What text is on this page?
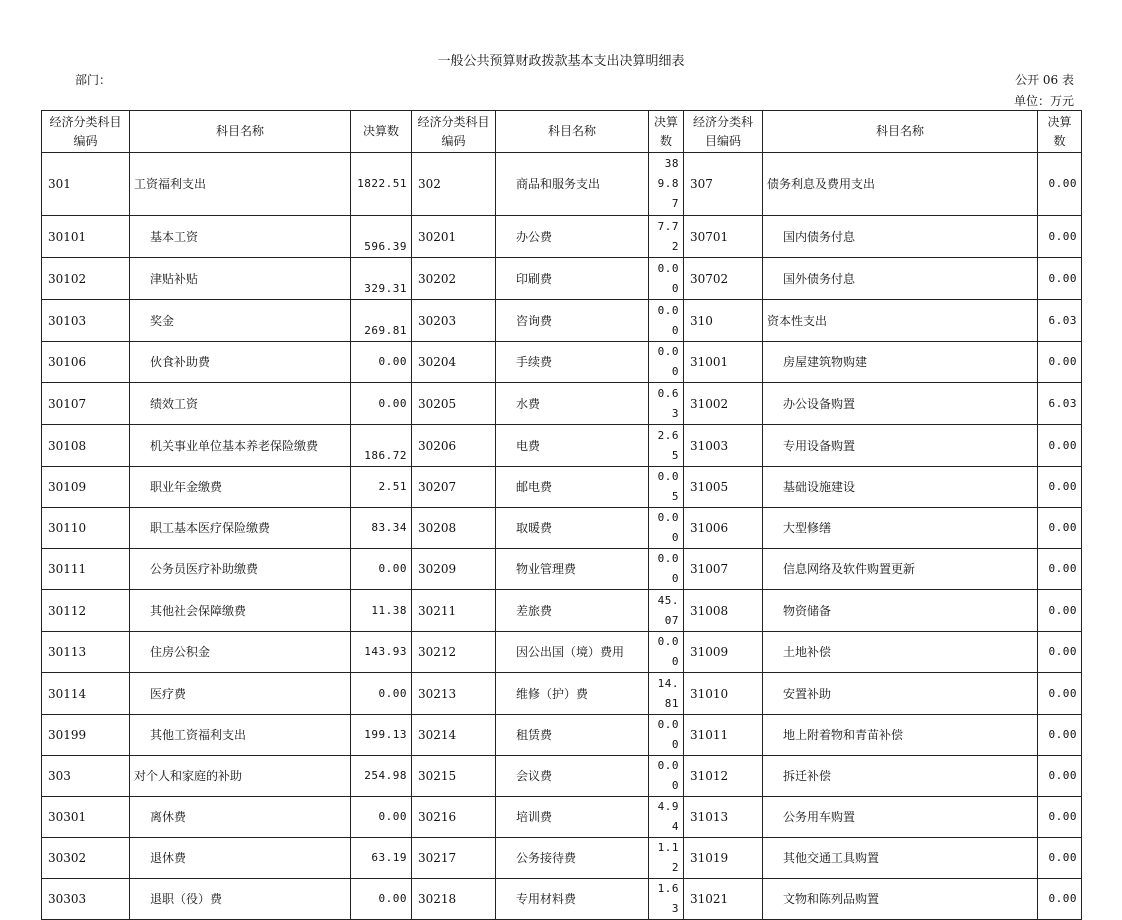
一般公共预算财政拨款基本支出决算明细表
部门：	公开 06 表
单位：万元
经济分类科目编码	科目名称	决算数	经济分类科目编码	科目名称	决算数	经济分类科目编码	科目名称	决算数
301	工资福利支出	1822.51	302	商品和服务支出	389.87	307	债务利息及费用支出	0.00
30101	基本工资	596.39	30201	办公费	7.72	30701	国内债务付息	0.00
30102	津贴补贴	329.31	30202	印刷费	0.00	30702	国外债务付息	0.00
30103	奖金	269.81	30203	咨询费	0.00	310	资本性支出	6.03
30106	伙食补助费	0.00	30204	手续费	0.00	31001	房屋建筑物购建	0.00
30107	绩效工资	0.00	30205	水费	0.63	31002	办公设备购置	6.03
30108	机关事业单位基本养老保险缴费	186.72	30206	电费	2.65	31003	专用设备购置	0.00
30109	职业年金缴费	2.51	30207	邮电费	0.05	31005	基础设施建设	0.00
30110	职工基本医疗保险缴费	83.34	30208	取暖费	0.00	31006	大型修缮	0.00
30111	公务员医疗补助缴费	0.00	30209	物业管理费	0.00	31007	信息网络及软件购置更新	0.00
30112	其他社会保障缴费	11.38	30211	差旅费	45.07	31008	物资储备	0.00
30113	住房公积金	143.93	30212	因公出国（境）费用	0.00	31009	土地补偿	0.00
30114	医疗费	0.00	30213	维修（护）费	14.81	31010	安置补助	0.00
30199	其他工资福利支出	199.13	30214	租赁费	0.00	31011	地上附着物和青苗补偿	0.00
303	对个人和家庭的补助	254.98	30215	会议费	0.00	31012	拆迁补偿	0.00
30301	离休费	0.00	30216	培训费	4.94	31013	公务用车购置	0.00
30302	退休费	63.19	30217	公务接待费	1.12	31019	其他交通工具购置	0.00
30303	退职（役）费	0.00	30218	专用材料费	1.63	31021	文物和陈列品购置	0.00
